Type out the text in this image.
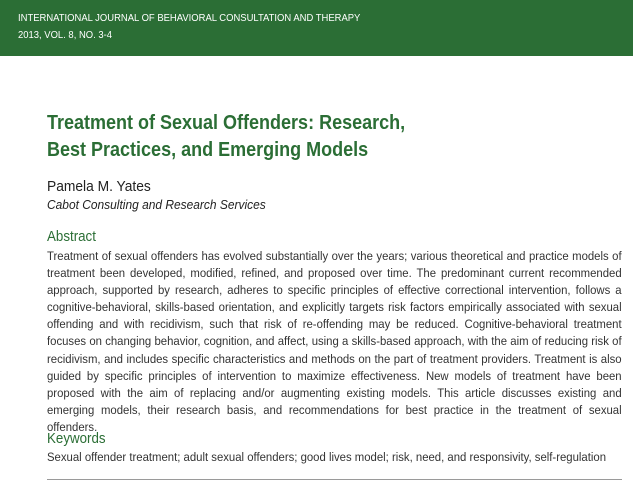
INTERNATIONAL JOURNAL OF BEHAVIORAL CONSULTATION AND THERAPY
2013, VOL. 8, NO. 3-4
Treatment of Sexual Offenders: Research,
Best Practices, and Emerging Models
Pamela M. Yates
Cabot Consulting and Research Services
Abstract
Treatment of sexual offenders has evolved substantially over the years; various theoretical and practice models of treatment been developed, modified, refined, and proposed over time. The predominant current recommended approach, supported by research, adheres to specific principles of effective correctional intervention, follows a cognitive-behavioral, skills-based orientation, and explicitly targets risk factors empirically associated with sexual offending and with recidivism, such that risk of re-offending may be reduced. Cognitive-behavioral treatment focuses on changing behavior, cognition, and affect, using a skills-based approach, with the aim of reducing risk of recidivism, and includes specific characteristics and methods on the part of treatment providers. Treatment is also guided by specific principles of intervention to maximize effectiveness. New models of treatment have been proposed with the aim of replacing and/or augmenting existing models. This article discusses existing and emerging models, their research basis, and recommendations for best practice in the treatment of sexual offenders.
Keywords
Sexual offender treatment; adult sexual offenders; good lives model; risk, need, and responsivity, self-regulation
